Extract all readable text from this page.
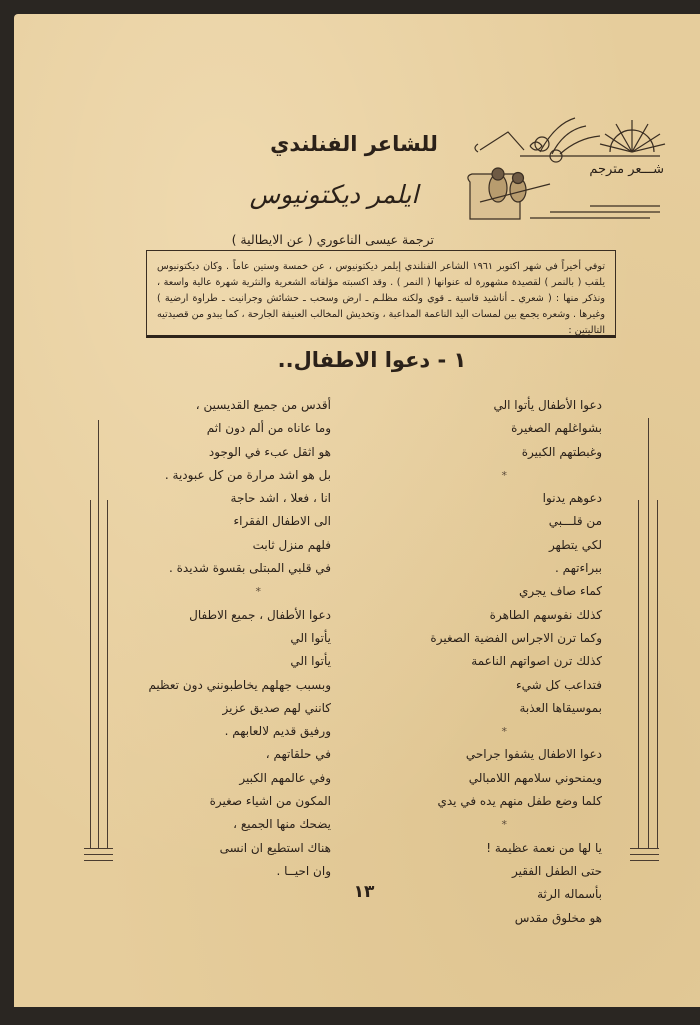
شـــعر مترجم
للشاعر الفنلندي
ايلمر ديكتونيوس
ترجمة عيسى الناعوري ( عن الايطالية )
توفي أخيراً في شهر اكتوبر ١٩٦١ الشاعر الفنلندي إيلمر ديكتونيوس ، عن خمسة وستين عاماً . وكان ديكتونيوس يلقب ( بالنمر ) لقصيدة مشهورة له عنوانها ( النمر ) . وقد اكسبته مؤلفاته الشعرية والنثرية شهرة عالية واسعة ، ونذكر منها : ( شعري ـ أناشيد قاسية ـ قوي ولكنه مظلـم ـ ارض وسحب ـ حشائش وجرانيت ـ طراوة ارضية ) وغيرها . وشعره يجمع بين لمسات اليد الناعمة المداعبة ، وتخديش المخالب العنيفة الجارحة ، كما يبدو من قصيدتيه التاليتين :
١ - دعوا الاطفال..
دعوا الأطفال يأتوا الي
بشواغلهم الصغيرة
وغبطتهم الكبيرة
*
دعوهم يدنوا
من قلـــبي
لكي يتطهر
ببراءتهم .
كماء صاف يجري
كذلك نفوسهم الطاهرة
وكما ترن الاجراس الفضية الصغيرة
كذلك ترن اصواتهم الناعمة
فتداعب كل شيء
بموسيقاها العذبة
*
دعوا الاطفال يشفوا جراحي
ويمنحوني سلامهم اللامبالي
كلما وضع طفل منهم يده في يدي
*
يا لها من نعمة عظيمة !
حتى الطفل الفقير
بأسماله الرثة
هو مخلوق مقدس
أقدس من جميع القديسين ،
وما عاناه من ألم دون اثم
هو اثقل عبء في الوجود
بل هو اشد مرارة من كل عبودية .
انا ، فعلا ، اشد حاجة
الى الاطفال الفقراء
فلهم منزل ثابت
في قلبي المبتلى بقسوة شديدة .
*
دعوا الأطفال ، جميع الاطفال
يأتوا الي
يأتوا الي
وبسبب جهلهم يخاطبونني دون تعظيم
كانني لهم صديق عزيز
ورفيق قديم لالعابهم .
في حلقاتهم ،
وفي عالمهم الكبير
المكون من اشياء صغيرة
يضحك منها الجميع ،
هناك استطيع ان انسى
وان احيــا .
١٣
